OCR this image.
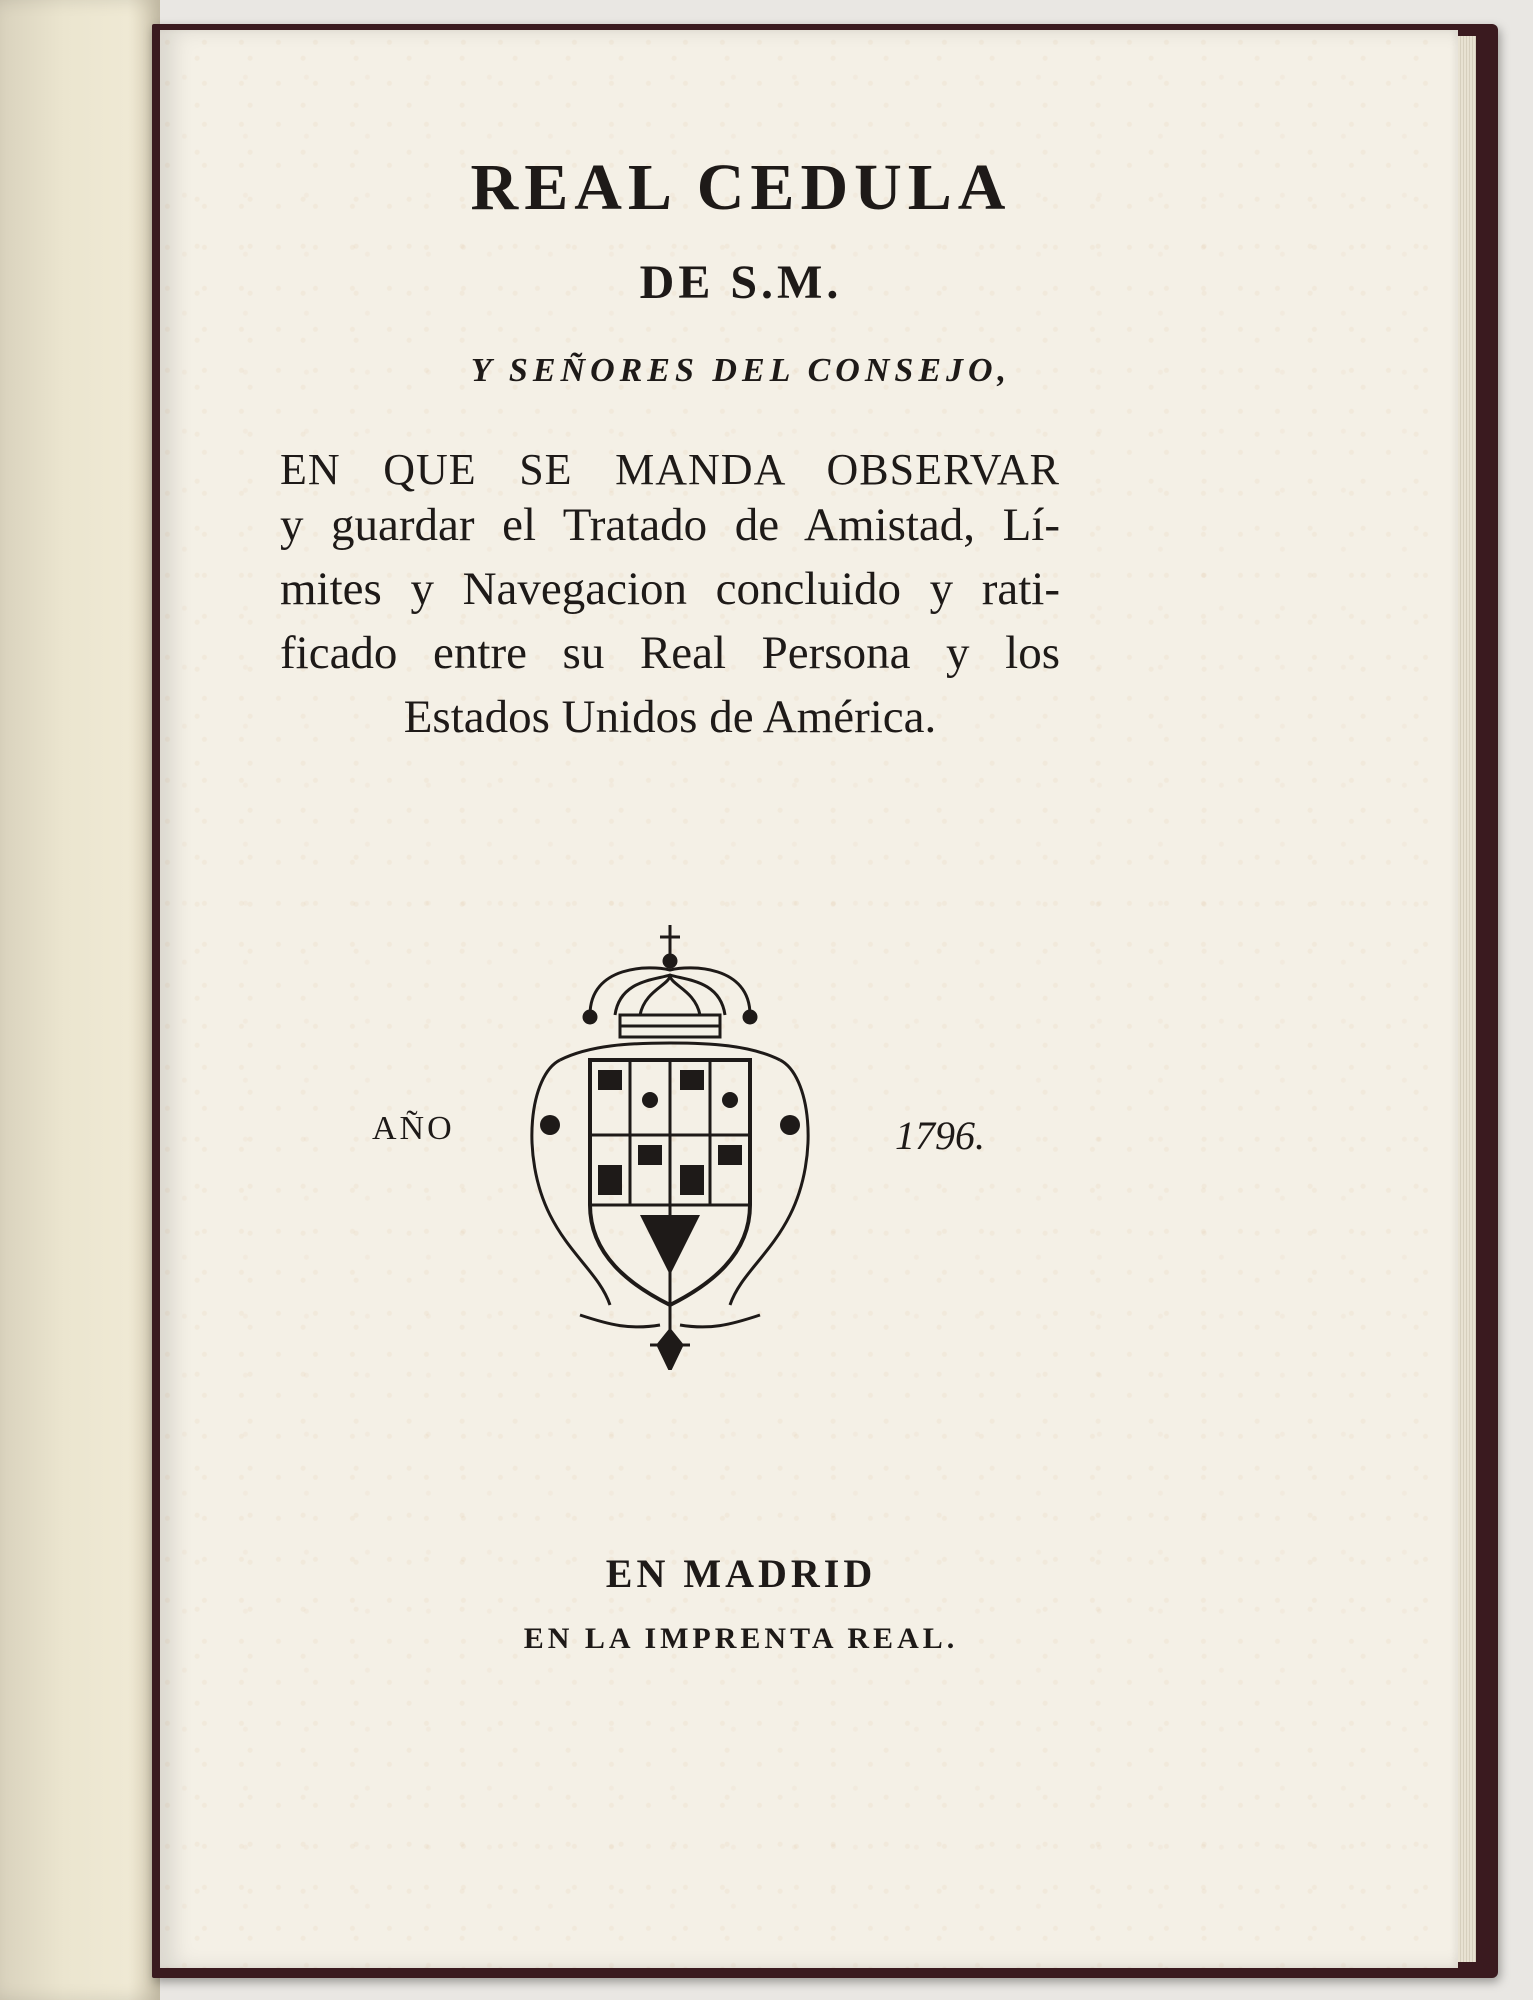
REAL CEDULA
DE S.M.
Y SEÑORES DEL CONSEJO,
EN QUE SE MANDA OBSERVAR
y guardar el Tratado de Amistad, Lí-
mites y Navegacion concluido y rati-
ficado entre su Real Persona y los
Estados Unidos de América.
AÑO	1796.
EN MADRID
EN LA IMPRENTA REAL.
